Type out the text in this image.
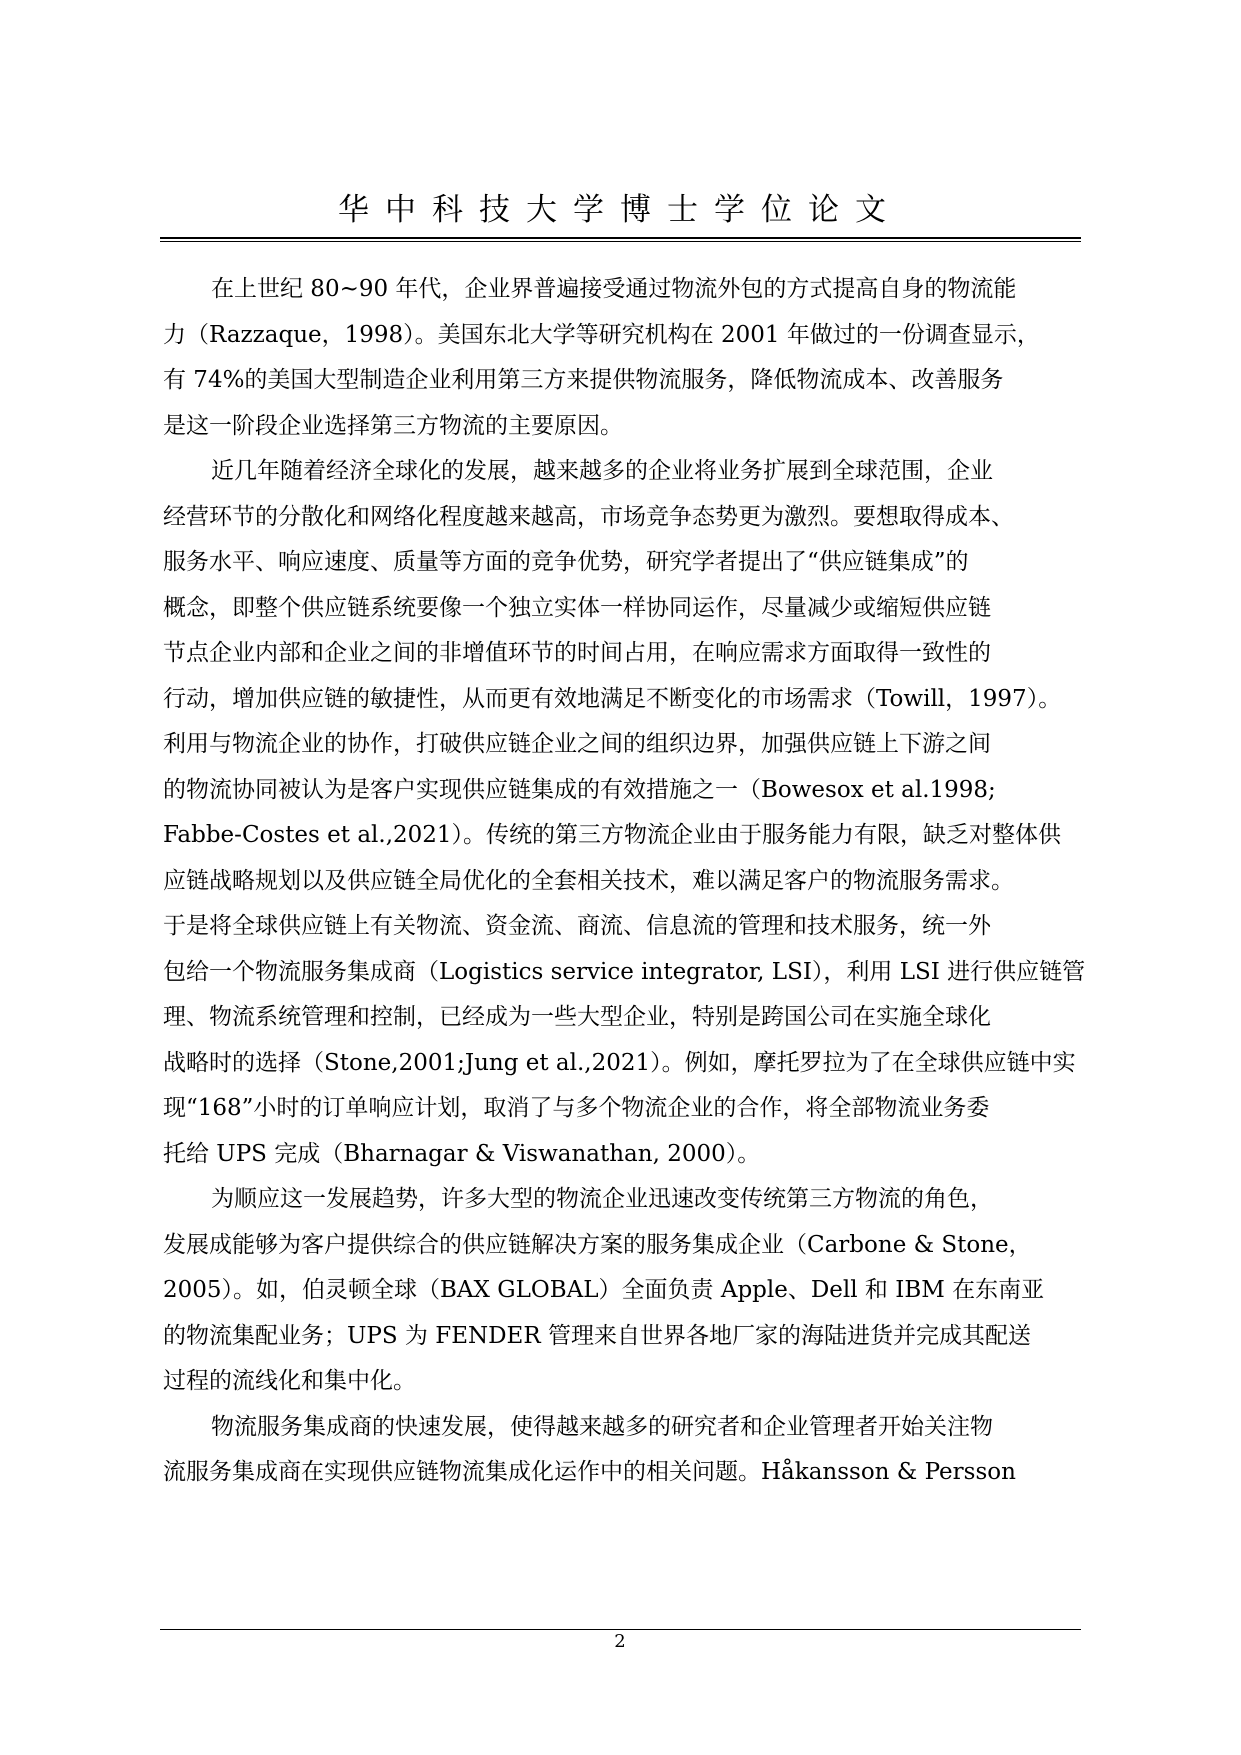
华中科技大学博士学位论文
在上世纪 80~90 年代，企业界普遍接受通过物流外包的方式提高自身的物流能
力（Razzaque，1998）。美国东北大学等研究机构在 2001 年做过的一份调查显示，
有 74%的美国大型制造企业利用第三方来提供物流服务，降低物流成本、改善服务
是这一阶段企业选择第三方物流的主要原因。
近几年随着经济全球化的发展，越来越多的企业将业务扩展到全球范围，企业
经营环节的分散化和网络化程度越来越高，市场竞争态势更为激烈。要想取得成本、
服务水平、响应速度、质量等方面的竞争优势，研究学者提出了“供应链集成”的
概念，即整个供应链系统要像一个独立实体一样协同运作，尽量减少或缩短供应链
节点企业内部和企业之间的非增值环节的时间占用，在响应需求方面取得一致性的
行动，增加供应链的敏捷性，从而更有效地满足不断变化的市场需求（Towill，1997）。
利用与物流企业的协作，打破供应链企业之间的组织边界，加强供应链上下游之间
的物流协同被认为是客户实现供应链集成的有效措施之一（Bowesox et al.1998;
Fabbe-Costes et al.,2021）。传统的第三方物流企业由于服务能力有限，缺乏对整体供
应链战略规划以及供应链全局优化的全套相关技术，难以满足客户的物流服务需求。
于是将全球供应链上有关物流、资金流、商流、信息流的管理和技术服务，统一外
包给一个物流服务集成商（Logistics service integrator, LSI），利用 LSI 进行供应链管
理、物流系统管理和控制，已经成为一些大型企业，特别是跨国公司在实施全球化
战略时的选择（Stone,2001;Jung et al.,2021）。例如，摩托罗拉为了在全球供应链中实
现“168”小时的订单响应计划，取消了与多个物流企业的合作，将全部物流业务委
托给 UPS 完成（Bharnagar & Viswanathan, 2000）。
为顺应这一发展趋势，许多大型的物流企业迅速改变传统第三方物流的角色，
发展成能够为客户提供综合的供应链解决方案的服务集成企业（Carbone & Stone，
2005）。如，伯灵顿全球（BAX GLOBAL）全面负责 Apple、Dell 和 IBM 在东南亚
的物流集配业务；UPS 为 FENDER 管理来自世界各地厂家的海陆进货并完成其配送
过程的流线化和集中化。
物流服务集成商的快速发展，使得越来越多的研究者和企业管理者开始关注物
流服务集成商在实现供应链物流集成化运作中的相关问题。Håkansson & Persson
2
